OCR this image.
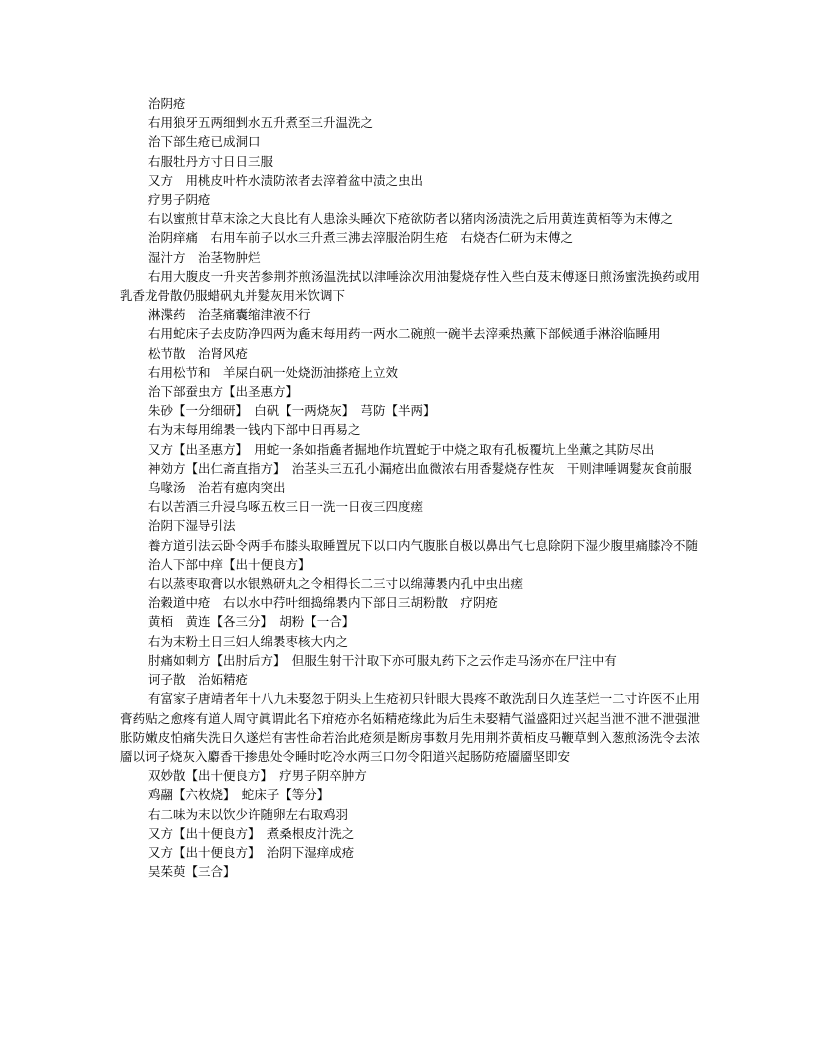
治阴疮

右用狼牙五两细剉水五升煮至三升温洗之

治下部生疮已成洞口

右服牡丹方寸日日三服

又方　用桃皮叶杵水渍防浓者去滓着盆中渍之虫出

疗男子阴疮

右以蜜煎甘草末涂之大良比有人患涂头睡次下疮欲防者以猪肉汤渍洗之后用黄连黄栢等为末傅之

治阴痒痛　右用车前子以水三升煮三沸去滓服治阴生疮　右烧杏仁研为末傅之

湿汁方　治茎物肿烂

右用大腹皮一升夹苦参荆芥煎汤温洗拭以津唾涂次用油髮烧存性入些白芨末傅逐日煎汤蜜洗换药或用乳香龙骨散仍服蜡矾丸并髮灰用米饮调下

淋渫药　治茎痛囊缩津液不行

右用蛇床子去皮防净四两为麁末每用药一两水二碗煎一碗半去滓乘热薰下部候通手淋浴临睡用

松节散　治肾风疮

右用松节和　羊屎白矾一处烧沥油搽疮上立效

治下部蚕虫方【出圣惠方】

朱砂【一分细研】　白矾【一两烧灰】　芎防【半两】

右为末每用绵褁一钱内下部中日再易之

又方【出圣惠方】　用蛇一条如指麁者掘地作坑置蛇于中烧之取有孔板覆坑上坐薰之其防尽出

神効方【出仁斋直指方】　治茎头三五孔小漏疮出血微浓右用香髮烧存性灰　干则津唾调髮灰食前服

乌喙汤　治若有瘜肉突出

右以苦酒三升浸乌啄五枚三日一洗一日夜三四度瘥

治阴下湿导引法

養方道引法云卧令两手布膝头取睡置尻下以口内气腹胀自极以鼻出气七息除阴下湿少腹里痛膝冷不随

治人下部中痒【出十便良方】

右以蒸枣取膏以水银熟研丸之令相得长二三寸以绵薄褁内孔中虫出瘥

治穀道中疮　右以水中荇叶细捣绵褁内下部日三胡粉散　疗阴疮

黄栢　黄连【各三分】　胡粉【一合】

右为末粉土日三妇人绵褁枣核大内之

肘痛如刺方【出肘后方】　但服生射干汁取下亦可服丸药下之云作走马汤亦在尸注中有

诃子散　治妬精疮

有富家子唐靖者年十八九未娶忽于阴头上生疮初只针眼大畏疼不敢洗刮日久连茎烂一二寸许医不止用膏药贴之愈疼有道人周守眞谓此名下疳疮亦名妬精疮缘此为后生未娶精气溢盛阳过兴起当泄不泄不泄强泄胀防嫩皮怕痛失洗日久遂烂有害性命若治此疮须是断房事数月先用荆芥黄栢皮马鞭草剉入葱煎汤洗令去浓靥以诃子烧灰入麝香干掺患处令睡时吃冷水两三口勿令阳道兴起肠防疮靥靥坚即安

双妙散【出十便良方】　疗男子阴卒肿方

鸡翮【六枚烧】　蛇床子【等分】

右二味为末以饮少许随卵左右取鸡羽

又方【出十便良方】　煮桑根皮汁洗之

又方【出十便良方】　治阴下湿痒成疮

吴茱萸【三合】
